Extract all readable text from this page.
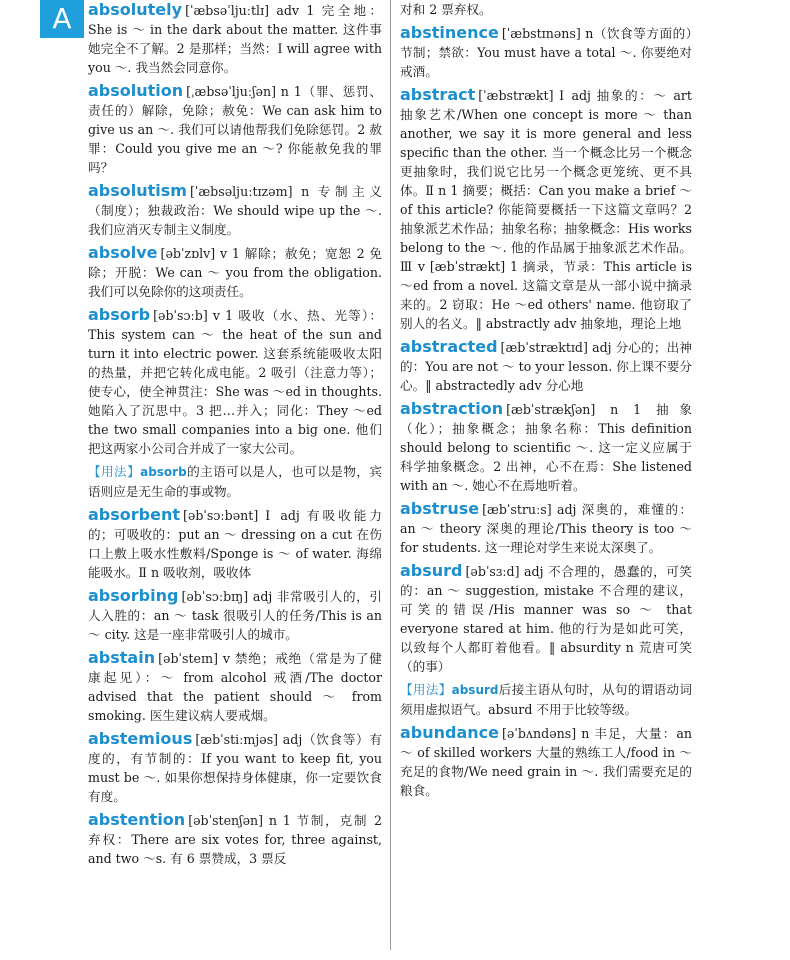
A	absolutely [ˈæbsəˈljuːtlɪ] adv 1 完全地：She is ～ in the dark about the matter. 这件事她完全不了解。2 是那样；当然：I will agree with you ～. 我当然会同意你。
absolution [ˌæbsəˈljuːʃən] n 1（罪、惩罚、责任的）解除，免除；赦免：We can ask him to give us an ～. 我们可以请他帮我们免除惩罚。2 赦罪：Could you give me an ～? 你能赦免我的罪吗？
absolutism [ˈæbsəljuːtɪzəm] n 专制主义（制度）；独裁政治：We should wipe up the ～. 我们应消灭专制主义制度。
absolve [əbˈzɒlv] v 1 解除；赦免；宽恕 2 免除；开脱：We can ～ you from the obligation. 我们可以免除你的这项责任。
absorb [əbˈsɔːb] v 1 吸收（水、热、光等）：This system can ～ the heat of the sun and turn it into electric power. 这套系统能吸收太阳的热量，并把它转化成电能。2 吸引（注意力等）；使专心，使全神贯注：She was ～ed in thoughts. 她陷入了沉思中。3 把…并入；同化：They ～ed the two small companies into a big one. 他们把这两家小公司合并成了一家大公司。
【用法】absorb的主语可以是人，也可以是物，宾语则应是无生命的事或物。
absorbent [əbˈsɔːbənt] Ⅰ adj 有吸收能力的；可吸收的：put an ～ dressing on a cut 在伤口上敷上吸水性敷料/Sponge is ～ of water. 海绵能吸水。Ⅱ n 吸收剂，吸收体
absorbing [əbˈsɔːbɪŋ] adj 非常吸引人的，引人入胜的：an ～ task 很吸引人的任务/This is an ～ city. 这是一座非常吸引人的城市。
abstain [əbˈsteɪn] v 禁绝；戒绝（常是为了健康起见）：～ from alcohol 戒酒/The doctor advised that the patient should ～ from smoking. 医生建议病人要戒烟。
abstemious [æbˈstiːmjəs] adj（饮食等）有度的，有节制的：If you want to keep fit, you must be ～. 如果你想保持身体健康，你一定要饮食有度。
abstention [əbˈstenʃən] n 1 节制，克制 2 弃权：There are six votes for, three against, and two ～s. 有 6 票赞成，3 票反
对和 2 票弃权。
abstinence [ˈæbstɪnəns] n（饮食等方面的）节制；禁欲：You must have a total ～. 你要绝对戒酒。
abstract [ˈæbstrækt] Ⅰ adj 抽象的：～ art 抽象艺术/When one concept is more ～ than another, we say it is more general and less specific than the other. 当一个概念比另一个概念更抽象时，我们说它比另一个概念更笼统、更不具体。Ⅱ n 1 摘要；概括：Can you make a brief ～ of this article? 你能简要概括一下这篇文章吗？2 抽象派艺术作品；抽象名称；抽象概念：His works belong to the ～. 他的作品属于抽象派艺术作品。Ⅲ v [æbˈstrækt] 1 摘录，节录：This article is ～ed from a novel. 这篇文章是从一部小说中摘录来的。2 窃取：He ～ed others' name. 他窃取了别人的名义。‖ abstractly adv 抽象地，理论上地
abstracted [æbˈstræktɪd] adj 分心的；出神的：You are not ～ to your lesson. 你上课不要分心。‖ abstractedly adv 分心地
abstraction [æbˈstrækʃən] n 1 抽象（化）；抽象概念；抽象名称：This definition should belong to scientific ～. 这一定义应属于科学抽象概念。2 出神，心不在焉：She listened with an ～. 她心不在焉地听着。
abstruse [æbˈstruːs] adj 深奥的，难懂的：an ～ theory 深奥的理论/This theory is too ～ for students. 这一理论对学生来说太深奥了。
absurd [əbˈsɜːd] adj 不合理的，愚蠢的，可笑的：an ～ suggestion, mistake 不合理的建议，可笑的错误/His manner was so ～ that everyone stared at him. 他的行为是如此可笑，以致每个人都盯着他看。‖ absurdity n 荒唐可笑（的事）
【用法】absurd后接主语从句时，从句的谓语动词须用虚拟语气。absurd 不用于比较等级。
abundance [əˈbʌndəns] n 丰足，大量：an ～ of skilled workers 大量的熟练工人/food in ～ 充足的食物/We need grain in ～. 我们需要充足的粮食。
